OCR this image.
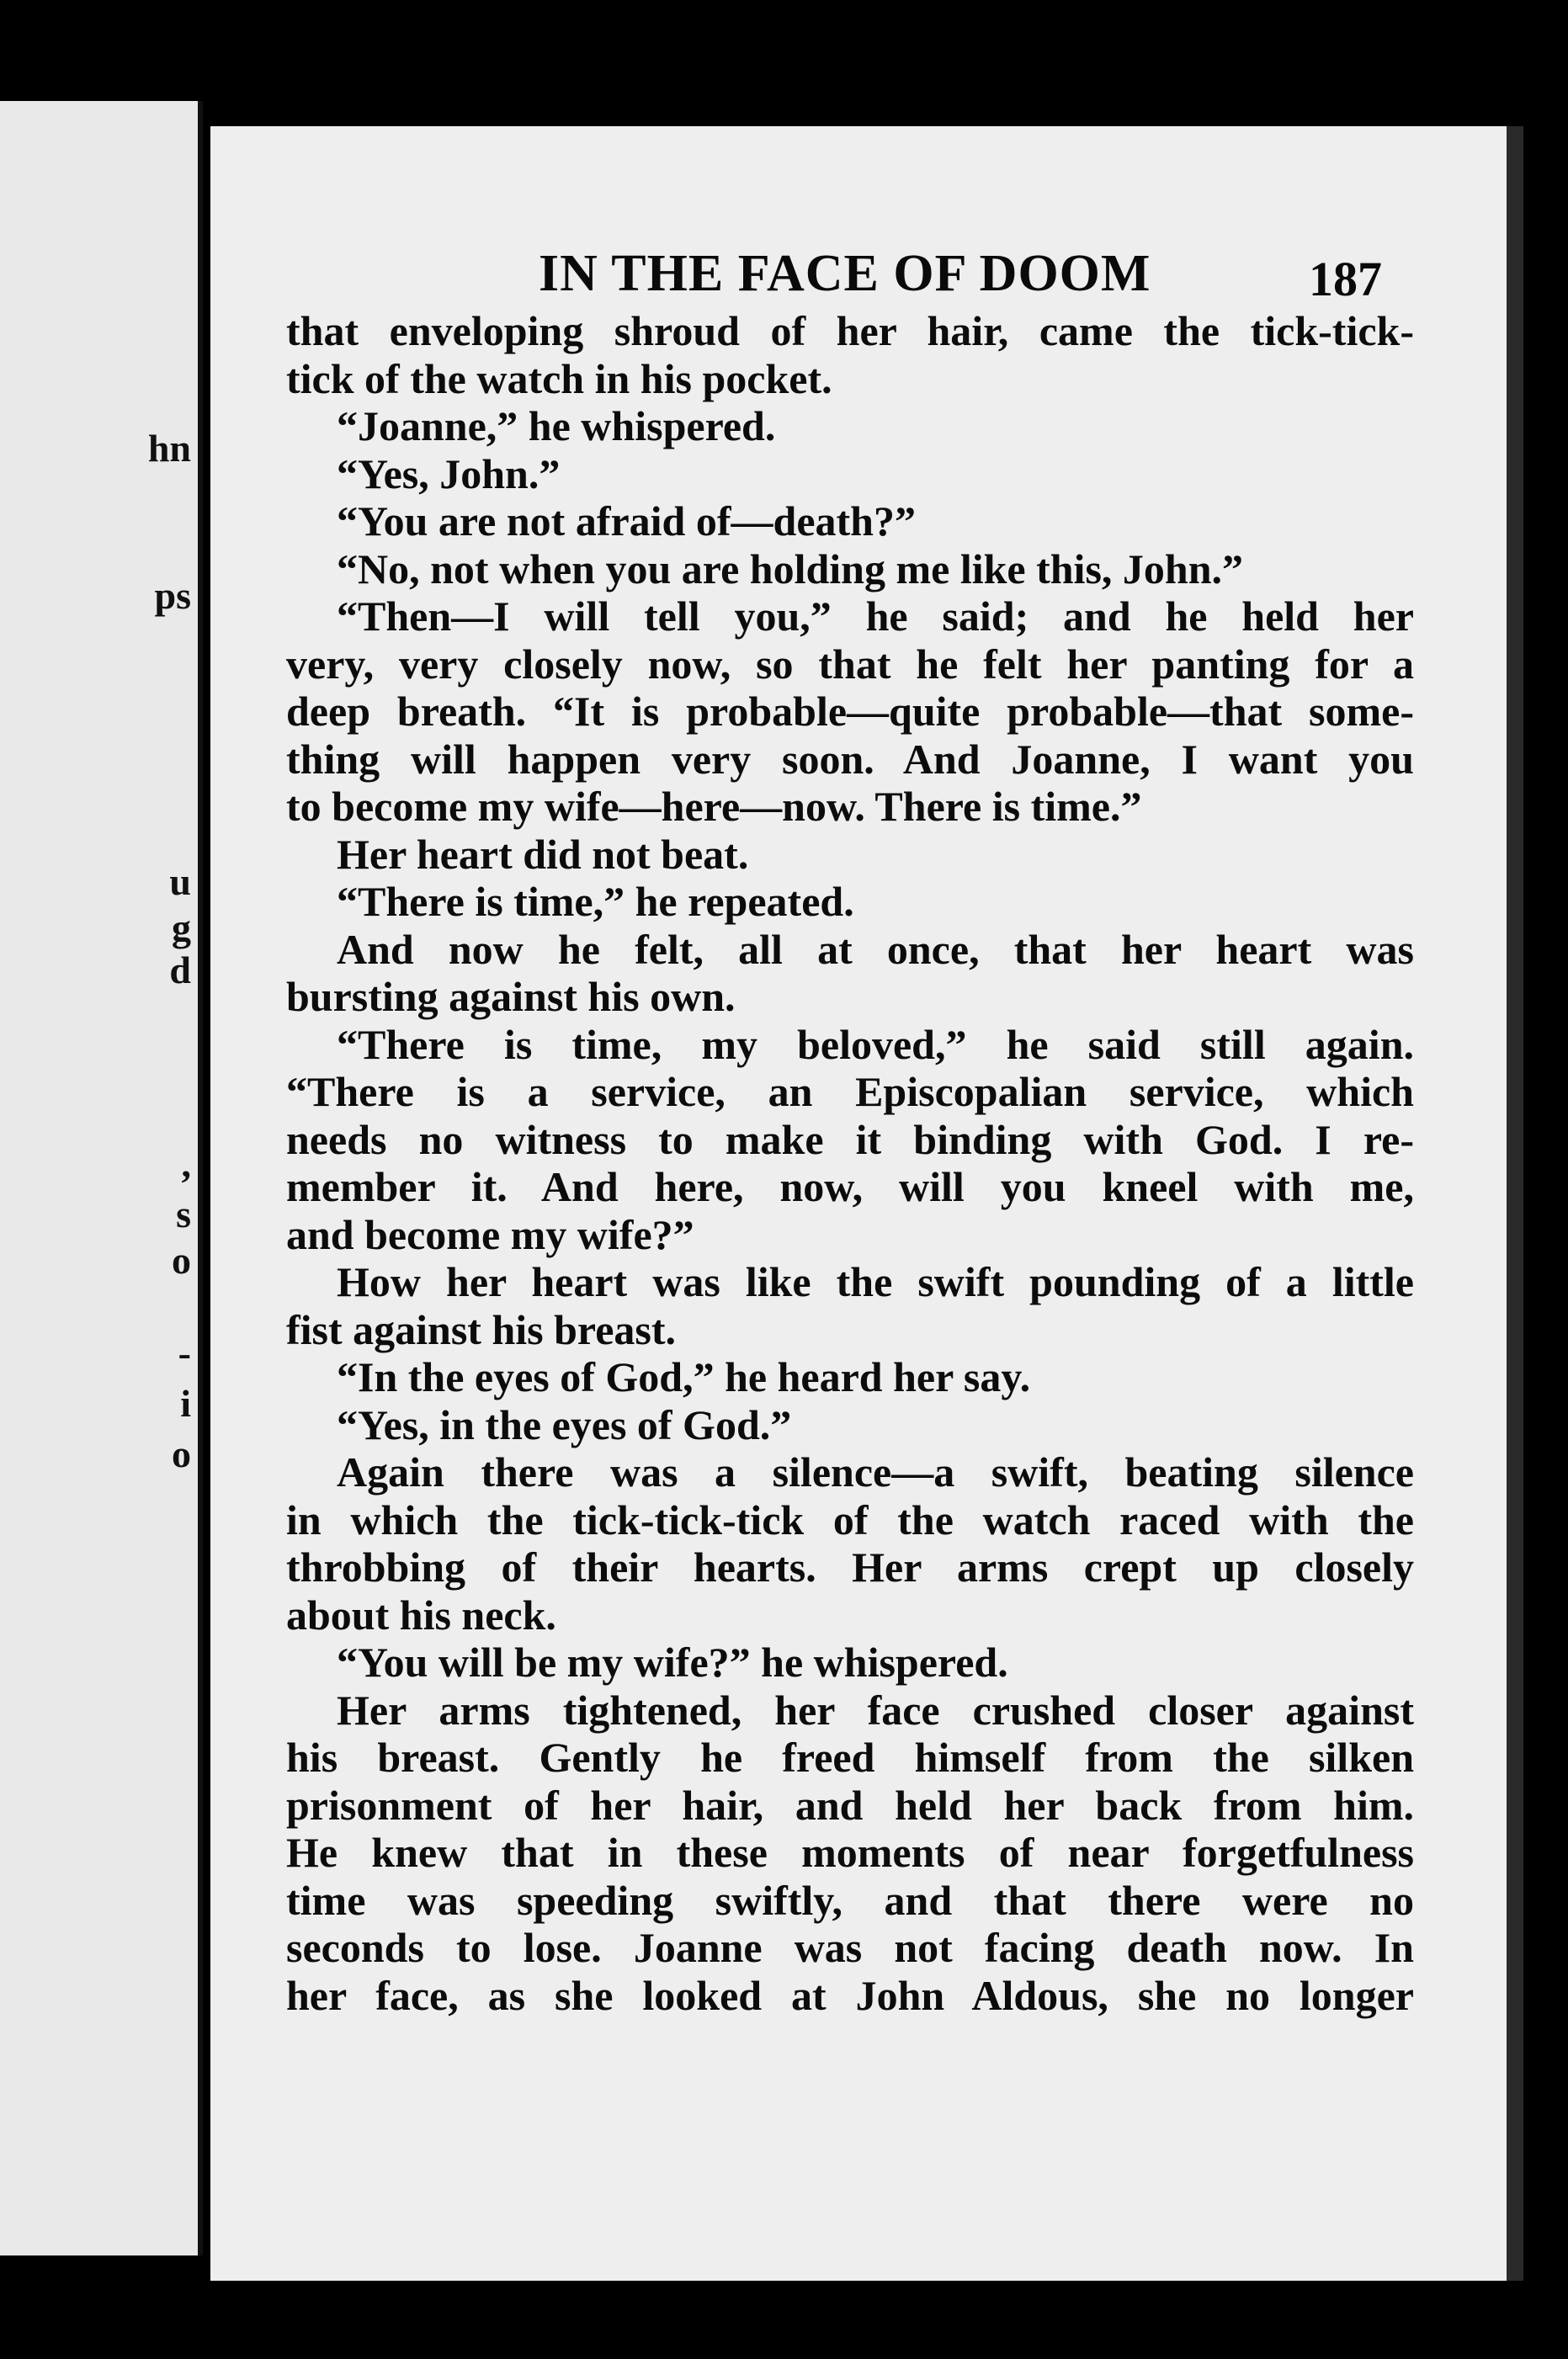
hn
ps
u
g
d
,
s
o
-
i
o
IN THE FACE OF DOOM	187
that enveloping shroud of her hair, came the tick-tick-
tick of the watch in his pocket.
“Joanne,” he whispered.
“Yes, John.”
“You are not afraid of—death?”
“No, not when you are holding me like this, John.”
“Then—I will tell you,” he said; and he held her
very, very closely now, so that he felt her panting for a
deep breath. “It is probable—quite probable—that some-
thing will happen very soon. And Joanne, I want you
to become my wife—here—now. There is time.”
Her heart did not beat.
“There is time,” he repeated.
And now he felt, all at once, that her heart was
bursting against his own.
“There is time, my beloved,” he said still again.
“There is a service, an Episcopalian service, which
needs no witness to make it binding with God. I re-
member it. And here, now, will you kneel with me,
and become my wife?”
How her heart was like the swift pounding of a little
fist against his breast.
“In the eyes of God,” he heard her say.
“Yes, in the eyes of God.”
Again there was a silence—a swift, beating silence
in which the tick-tick-tick of the watch raced with the
throbbing of their hearts. Her arms crept up closely
about his neck.
“You will be my wife?” he whispered.
Her arms tightened, her face crushed closer against
his breast. Gently he freed himself from the silken
prisonment of her hair, and held her back from him.
He knew that in these moments of near forgetfulness
time was speeding swiftly, and that there were no
seconds to lose. Joanne was not facing death now. In
her face, as she looked at John Aldous, she no longer
